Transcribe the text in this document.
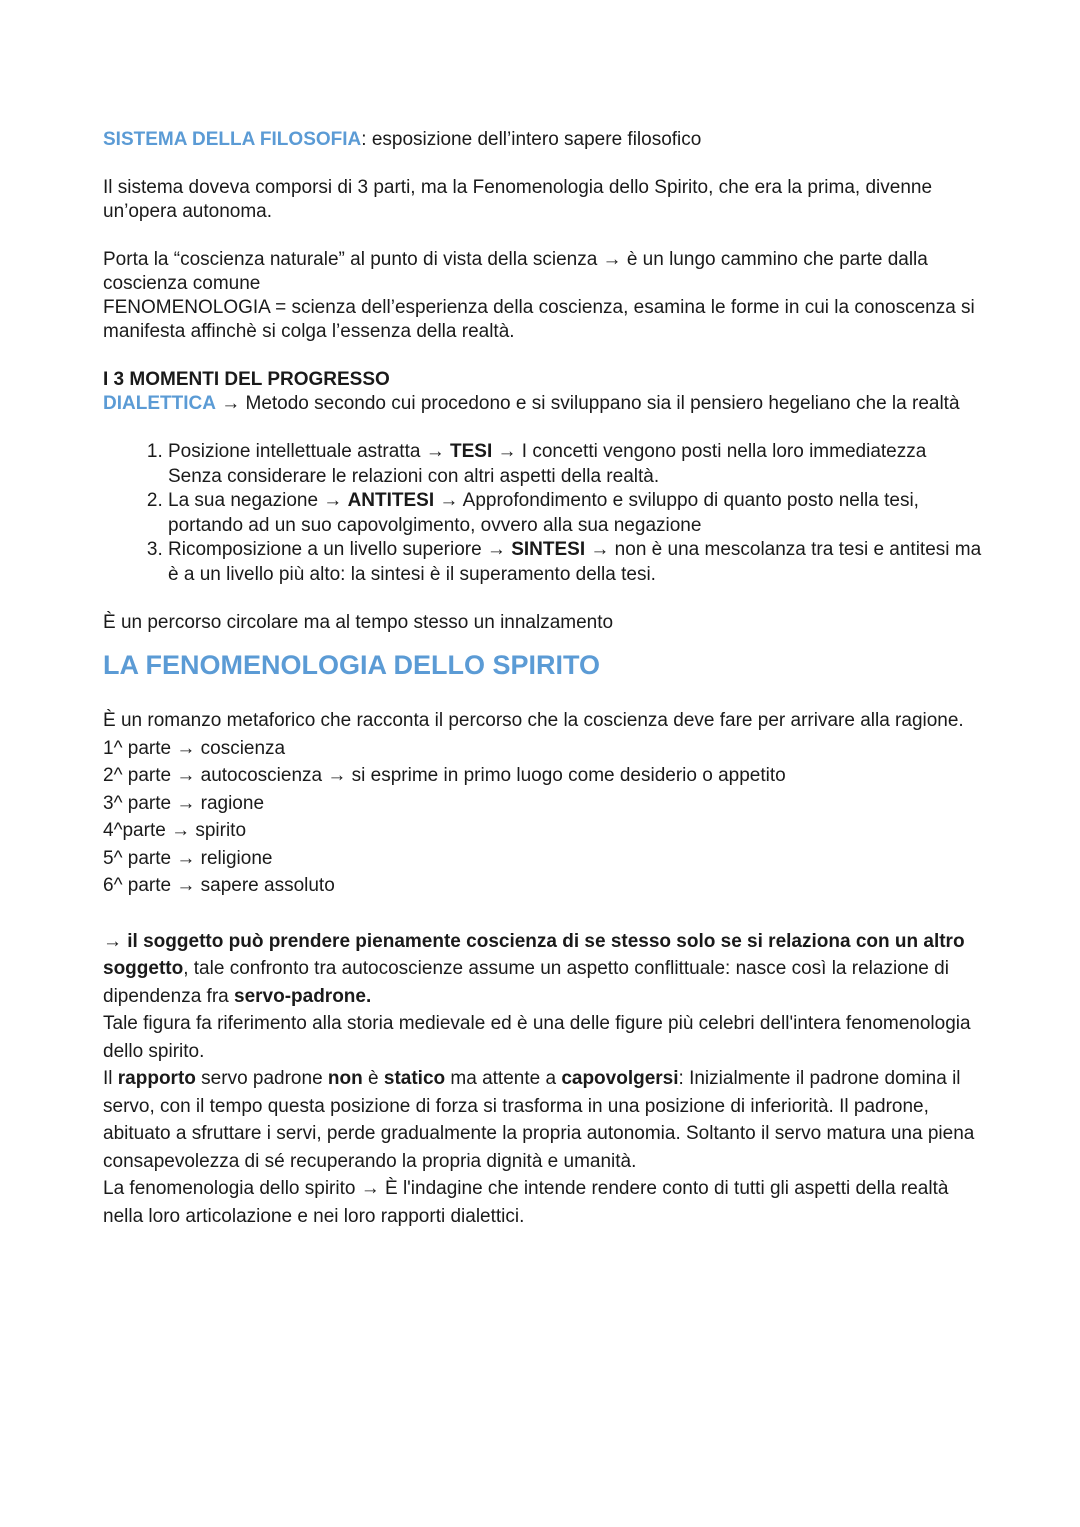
SISTEMA DELLA FILOSOFIA: esposizione dell’intero sapere filosofico

Il sistema doveva comporsi di 3 parti, ma la Fenomenologia dello Spirito, che era la prima, divenne un’opera autonoma.

Porta la “coscienza naturale” al punto di vista della scienza → è un lungo cammino che parte dalla coscienza comune

FENOMENOLOGIA = scienza dell’esperienza della coscienza, esamina le forme in cui la conoscenza si manifesta affinchè si colga l’essenza della realtà.

I 3 MOMENTI DEL PROGRESSO

DIALETTICA → Metodo secondo cui procedono e si sviluppano sia il pensiero hegeliano che la realtà

1. Posizione intellettuale astratta → TESI → I concetti vengono posti nella loro immediatezza Senza considerare le relazioni con altri aspetti della realtà.
2. La sua negazione → ANTITESI → Approfondimento e sviluppo di quanto posto nella tesi, portando ad un suo capovolgimento, ovvero alla sua negazione
3. Ricomposizione a un livello superiore → SINTESI → non è una mescolanza tra tesi e antitesi ma è a un livello più alto: la sintesi è il superamento della tesi.

È un percorso circolare ma al tempo stesso un innalzamento

LA FENOMENOLOGIA DELLO SPIRITO

È un romanzo metaforico che racconta il percorso che la coscienza deve fare per arrivare alla ragione.

1^ parte → coscienza

2^ parte → autocoscienza → si esprime in primo luogo come desiderio o appetito

3^ parte → ragione

4^parte → spirito

5^ parte → religione

6^ parte → sapere assoluto

→ il soggetto può prendere pienamente coscienza di se stesso solo se si relaziona con un altro soggetto, tale confronto tra autocoscienze assume un aspetto conflittuale: nasce così la relazione di dipendenza fra servo-padrone.

Tale figura fa riferimento alla storia medievale ed è una delle figure più celebri dell'intera fenomenologia dello spirito.

Il rapporto servo padrone non è statico ma attente a capovolgersi: Inizialmente il padrone domina il servo, con il tempo questa posizione di forza si trasforma in una posizione di inferiorità. Il padrone, abituato a sfruttare i servi, perde gradualmente la propria autonomia. Soltanto il servo matura una piena consapevolezza di sé recuperando la propria dignità e umanità.

La fenomenologia dello spirito → È l'indagine che intende rendere conto di tutti gli aspetti della realtà nella loro articolazione e nei loro rapporti dialettici.
